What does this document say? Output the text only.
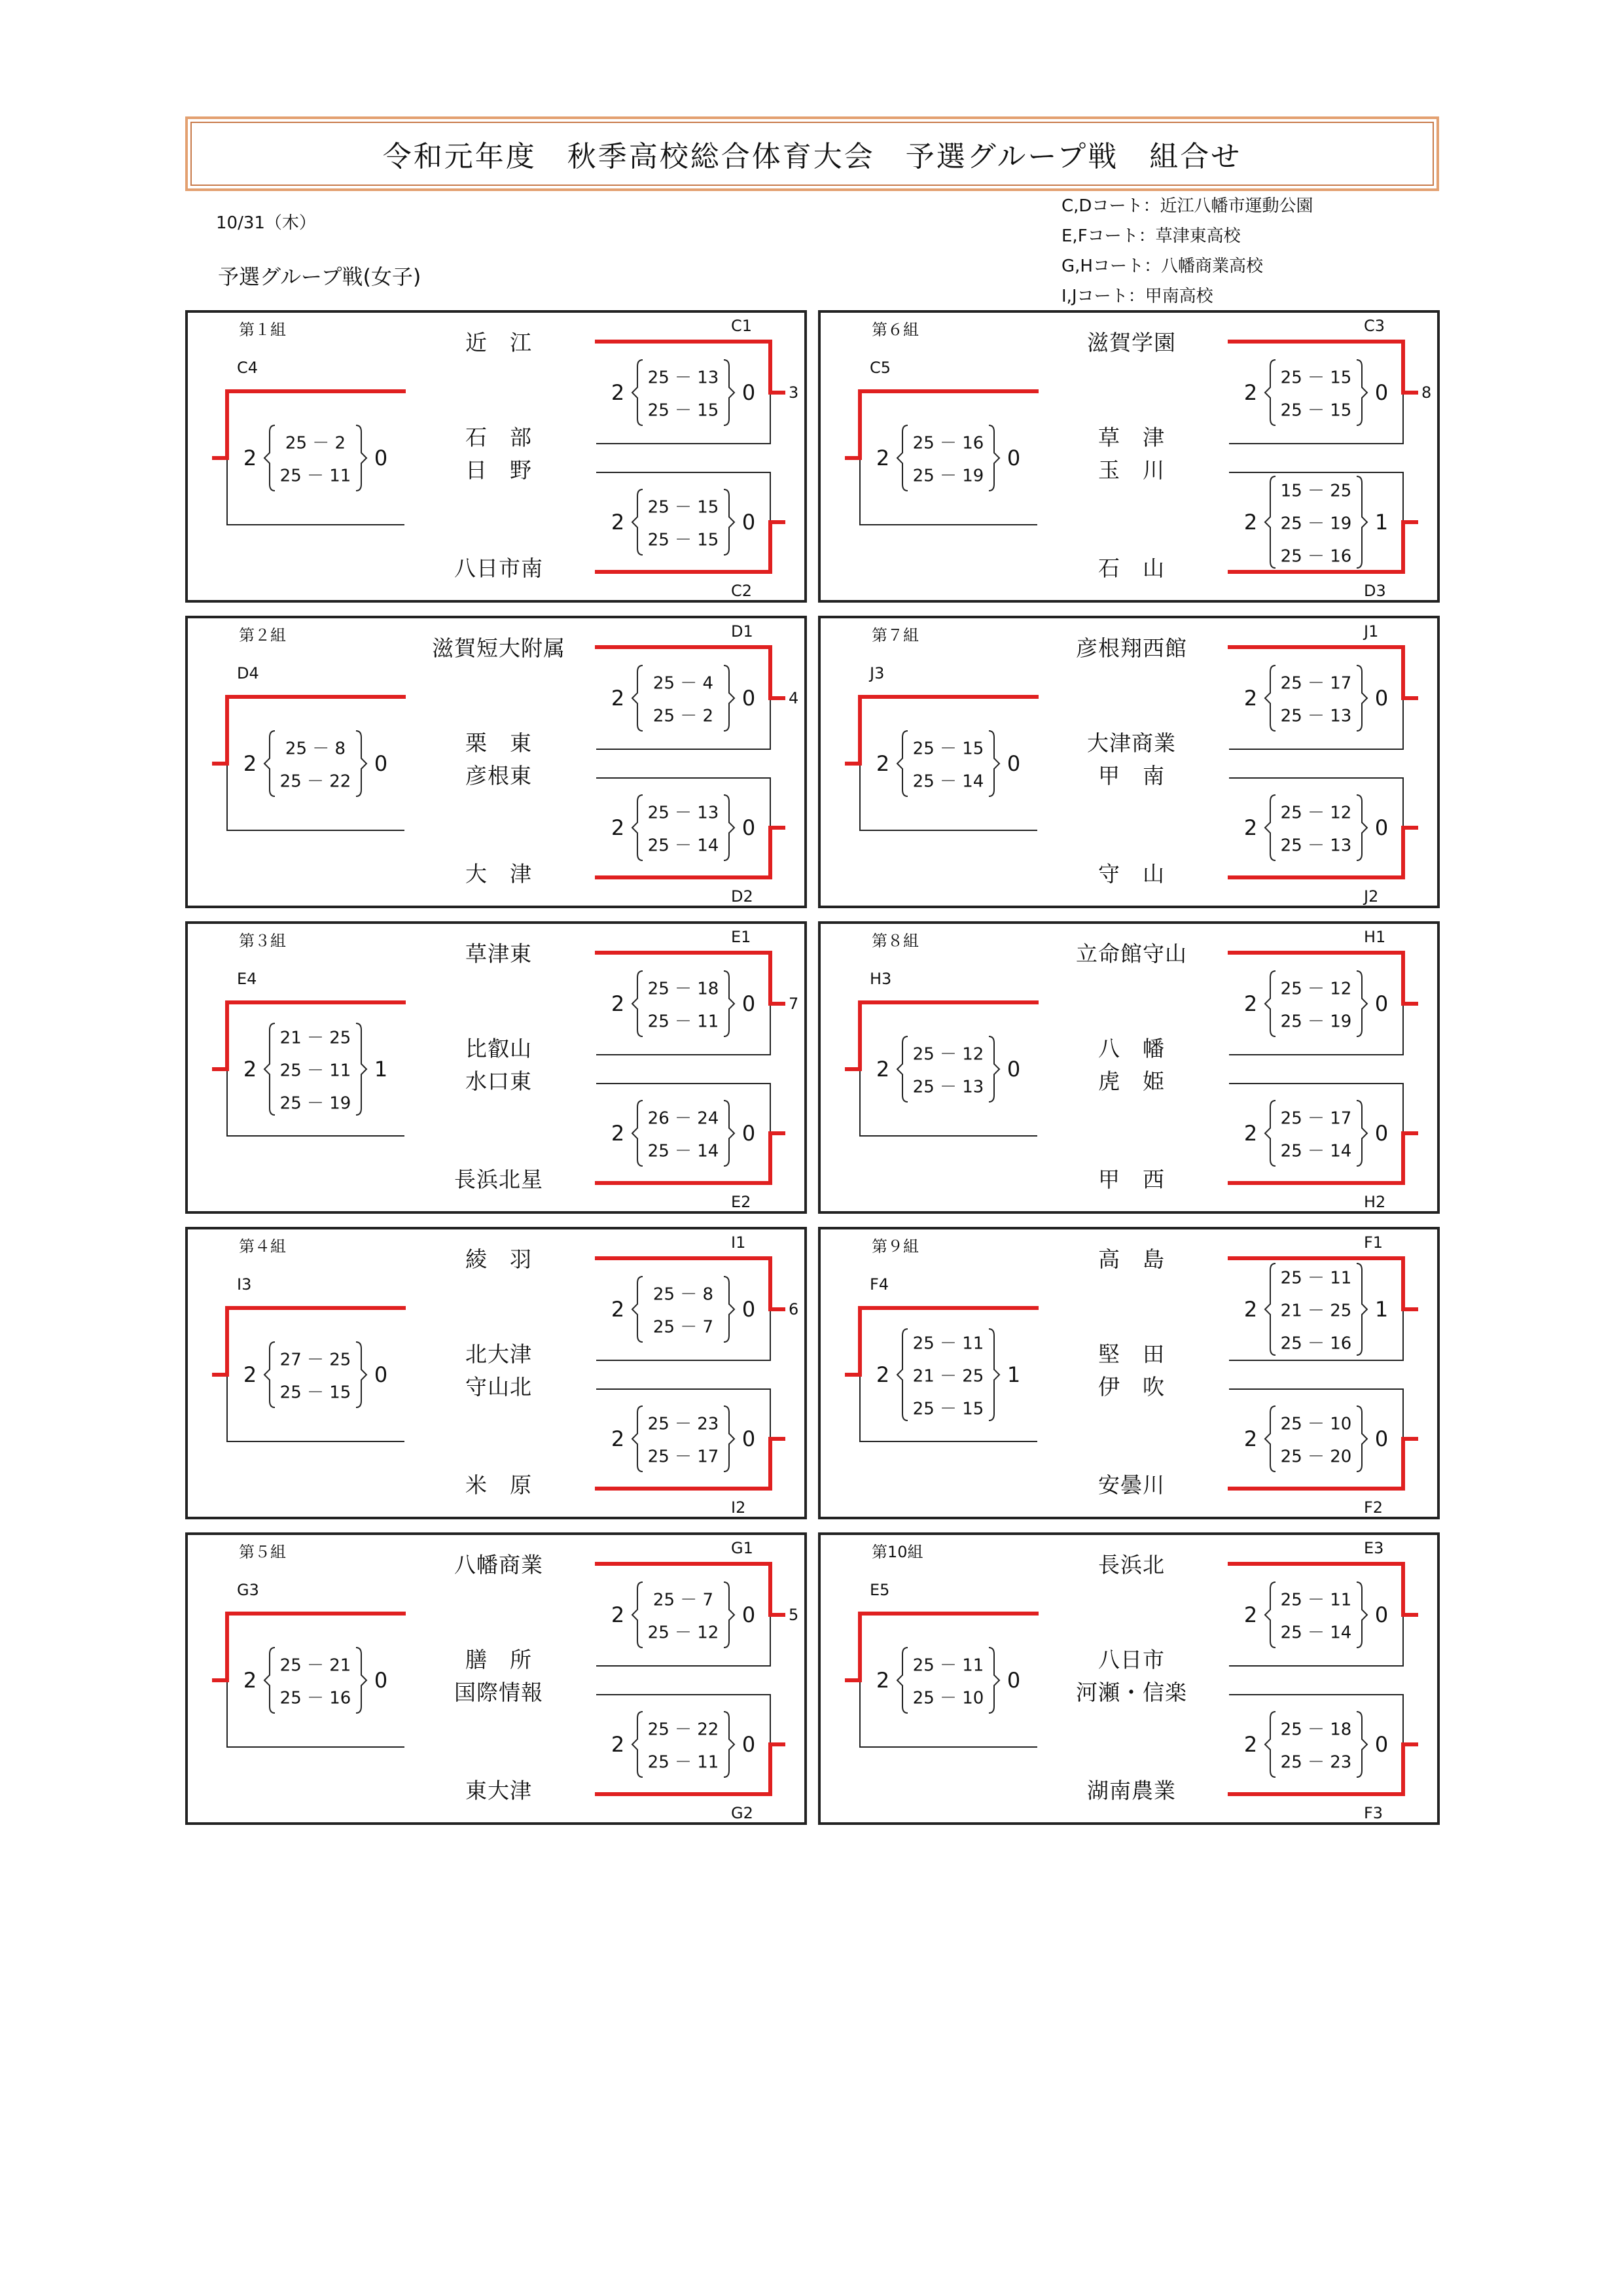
令和元年度　秋季高校総合体育大会　予選グループ戦　組合せ
10/31（木）
予選グループ戦(女子)
C,Dコート：近江八幡市運動公園
E,Fコート：草津東高校
G,Hコート：八幡商業高校
I,Jコート：甲南高校
第１組
C4
C1
C2
3
近　江
石　部
日　野
八日市南
2	0
25 － 2
25 － 11
2	0
25 － 13
25 － 15
2	0
25 － 15
25 － 15
第６組
C5
C3
D3
8
滋賀学園
草　津
玉　川
石　山
2	0
25 － 16
25 － 19
2	0
25 － 15
25 － 15
2	1
15 － 25
25 － 19
25 － 16
第２組
D4
D1
D2
4
滋賀短大附属
栗　東
彦根東
大　津
2	0
25 － 8
25 － 22
2	0
25 － 4
25 － 2
2	0
25 － 13
25 － 14
第７組
J3
J1
J2
彦根翔西館
大津商業
甲　南
守　山
2	0
25 － 15
25 － 14
2	0
25 － 17
25 － 13
2	0
25 － 12
25 － 13
第３組
E4
E1
E2
7
草津東
比叡山
水口東
長浜北星
2	1
21 － 25
25 － 11
25 － 19
2	0
25 － 18
25 － 11
2	0
26 － 24
25 － 14
第８組
H3
H1
H2
立命館守山
八　幡
虎　姫
甲　西
2	0
25 － 12
25 － 13
2	0
25 － 12
25 － 19
2	0
25 － 17
25 － 14
第４組
I3
I1
I2
6
綾　羽
北大津
守山北
米　原
2	0
27 － 25
25 － 15
2	0
25 － 8
25 － 7
2	0
25 － 23
25 － 17
第９組
F4
F1
F2
高　島
堅　田
伊　吹
安曇川
2	1
25 － 11
21 － 25
25 － 15
2	1
25 － 11
21 － 25
25 － 16
2	0
25 － 10
25 － 20
第５組
G3
G1
G2
5
八幡商業
膳　所
国際情報
東大津
2	0
25 － 21
25 － 16
2	0
25 － 7
25 － 12
2	0
25 － 22
25 － 11
第10組
E5
E3
F3
長浜北
八日市
河瀬・信楽
湖南農業
2	0
25 － 11
25 － 10
2	0
25 － 11
25 － 14
2	0
25 － 18
25 － 23
